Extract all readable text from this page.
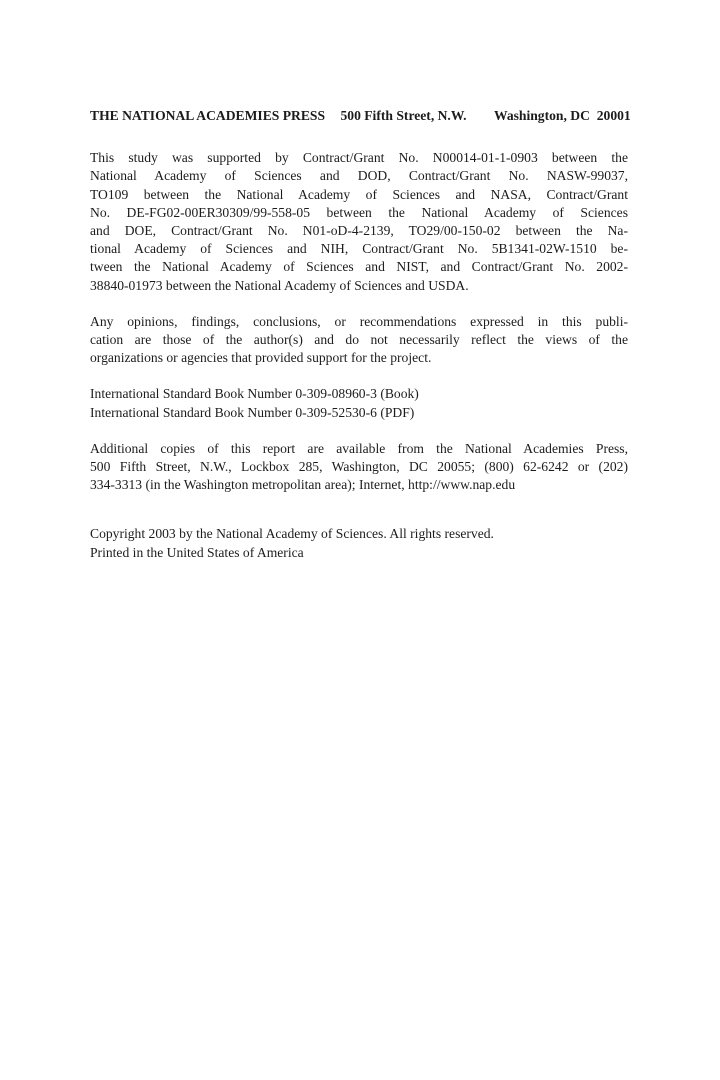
THE NATIONAL ACADEMIES PRESS 500 Fifth Street, N.W. Washington, DC  20001
This study was supported by Contract/Grant No. N00014-01-1-0903 between the
National Academy of Sciences and DOD, Contract/Grant No. NASW-99037,
TO109 between the National Academy of Sciences and NASA, Contract/Grant
No. DE-FG02-00ER30309/99-558-05 between the National Academy of Sciences
and DOE, Contract/Grant No. N01-oD-4-2139, TO29/00-150-02 between the Na-
tional Academy of Sciences and NIH, Contract/Grant No. 5B1341-02W-1510 be-
tween the National Academy of Sciences and NIST, and Contract/Grant No. 2002-
38840-01973 between the National Academy of Sciences and USDA.
Any opinions, findings, conclusions, or recommendations expressed in this publi-
cation are those of the author(s) and do not necessarily reflect the views of the
organizations or agencies that provided support for the project.
International Standard Book Number 0-309-08960-3 (Book)
International Standard Book Number 0-309-52530-6 (PDF)
Additional copies of this report are available from the National Academies Press,
500 Fifth Street, N.W., Lockbox 285, Washington, DC 20055; (800) 62-6242 or (202)
334-3313 (in the Washington metropolitan area); Internet, http://www.nap.edu
Copyright 2003 by the National Academy of Sciences. All rights reserved.
Printed in the United States of America
